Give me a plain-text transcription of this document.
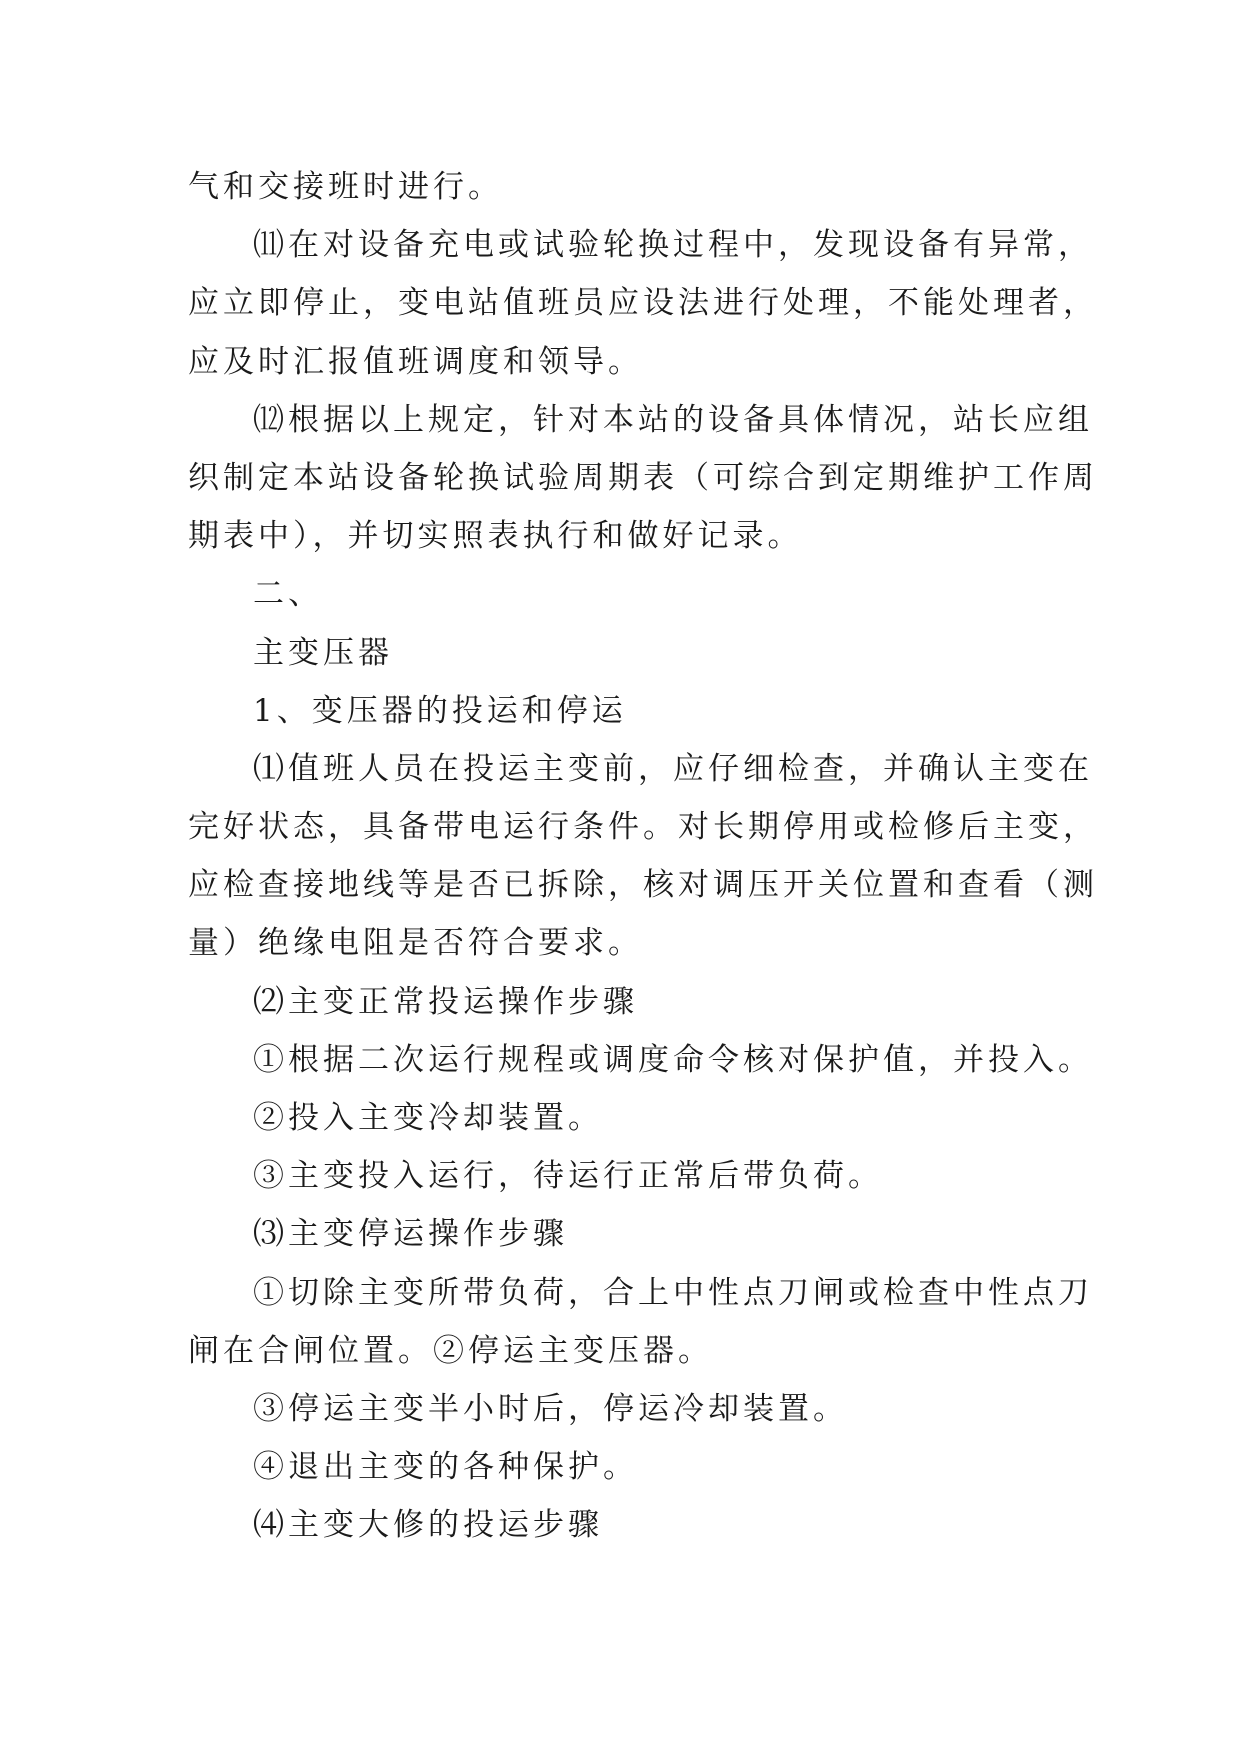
气和交接班时进行。
⑾在对设备充电或试验轮换过程中，发现设备有异常，
应立即停止，变电站值班员应设法进行处理，不能处理者，
应及时汇报值班调度和领导。
⑿根据以上规定，针对本站的设备具体情况，站长应组
织制定本站设备轮换试验周期表（可综合到定期维护工作周
期表中），并切实照表执行和做好记录。
二、
主变压器
1、变压器的投运和停运
⑴值班人员在投运主变前，应仔细检查，并确认主变在
完好状态，具备带电运行条件。对长期停用或检修后主变，
应检查接地线等是否已拆除，核对调压开关位置和查看（测
量）绝缘电阻是否符合要求。
⑵主变正常投运操作步骤
①根据二次运行规程或调度命令核对保护值，并投入。
②投入主变冷却装置。
③主变投入运行，待运行正常后带负荷。
⑶主变停运操作步骤
①切除主变所带负荷，合上中性点刀闸或检查中性点刀
闸在合闸位置。②停运主变压器。
③停运主变半小时后，停运冷却装置。
④退出主变的各种保护。
⑷主变大修的投运步骤
